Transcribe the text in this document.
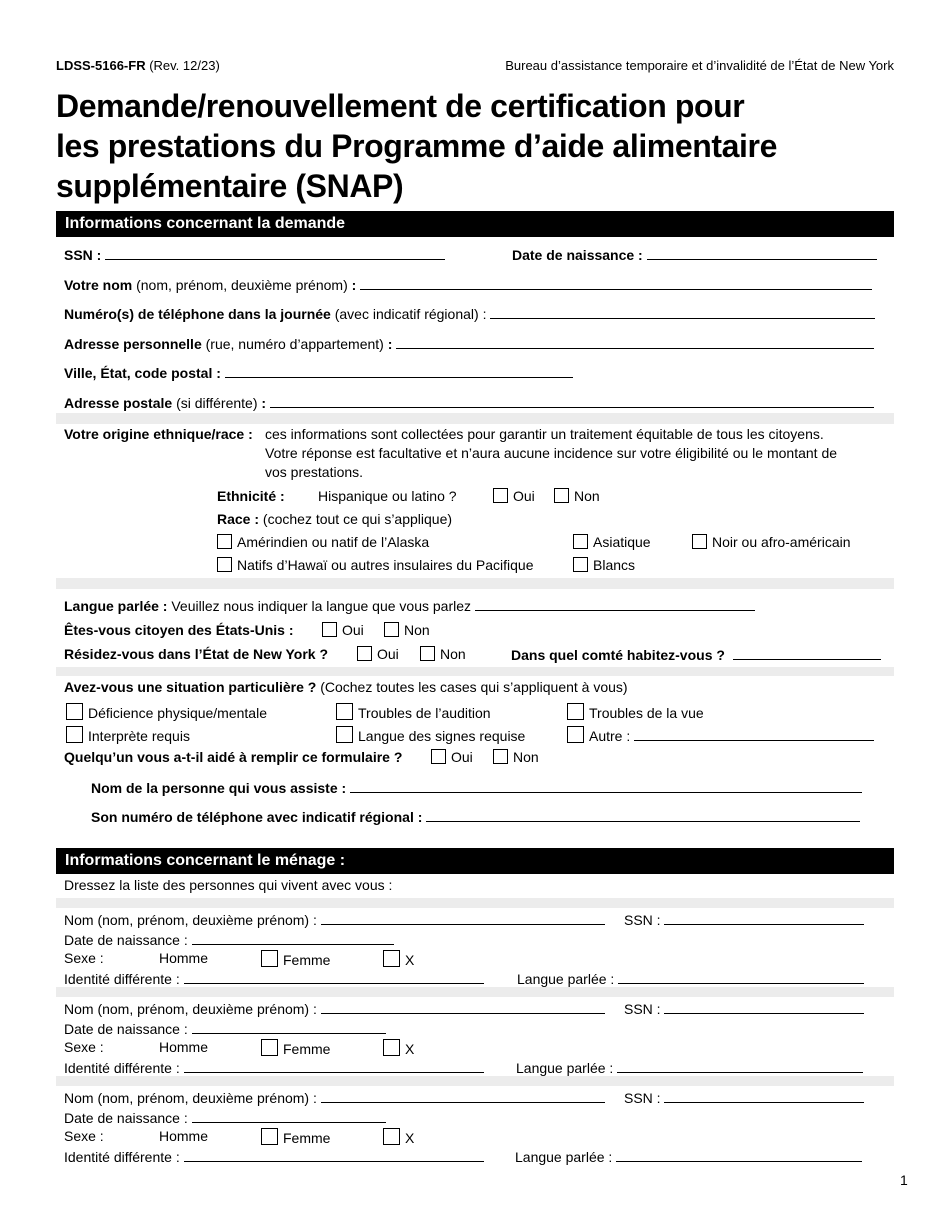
LDSS-5166-FR (Rev. 12/23)	Bureau d’assistance temporaire et d’invalidité de l’État de New York
Demande/renouvellement de certification pour
les prestations du Programme d’aide alimentaire
supplémentaire (SNAP)
Informations concernant la demande
SSN :	Date de naissance :
Votre nom (nom, prénom, deuxième prénom) :
Numéro(s) de téléphone dans la journée (avec indicatif régional) :
Adresse personnelle (rue, numéro d’appartement) :
Ville, État, code postal :
Adresse postale (si différente) :
Votre origine ethnique/race : ces informations sont collectées pour garantir un traitement équitable de tous les citoyens.
Votre réponse est facultative et n’aura aucune incidence sur votre éligibilité ou le montant de
vos prestations.
Ethnicité : Hispanique ou latino ?	Oui	Non
Race : (cochez tout ce qui s’applique)
Amérindien ou natif de l’Alaska	Asiatique	Noir ou afro-américain
Natifs d’Hawaï ou autres insulaires du Pacifique	Blancs
Langue parlée : Veuillez nous indiquer la langue que vous parlez
Êtes-vous citoyen des États-Unis :	Oui	Non
Résidez-vous dans l’État de New York ?	Oui	Non	Dans quel comté habitez-vous ?
Avez-vous une situation particulière ? (Cochez toutes les cases qui s’appliquent à vous)
Déficience physique/mentale	Troubles de l’audition	Troubles de la vue
Interprète requis	Langue des signes requise	Autre :
Quelqu’un vous a-t-il aidé à remplir ce formulaire ?	Oui	Non
Nom de la personne qui vous assiste :
Son numéro de téléphone avec indicatif régional :
Informations concernant le ménage :
Dressez la liste des personnes qui vivent avec vous :
Nom (nom, prénom, deuxième prénom) :	SSN :
Date de naissance :
Sexe :	Homme	Femme	X
Identité différente :	Langue parlée :
Nom (nom, prénom, deuxième prénom) :	SSN :
Date de naissance :
Sexe :	Homme	Femme	X
Identité différente :	Langue parlée :
Nom (nom, prénom, deuxième prénom) :	SSN :
Date de naissance :
Sexe :	Homme	Femme	X
Identité différente :	Langue parlée :
1
